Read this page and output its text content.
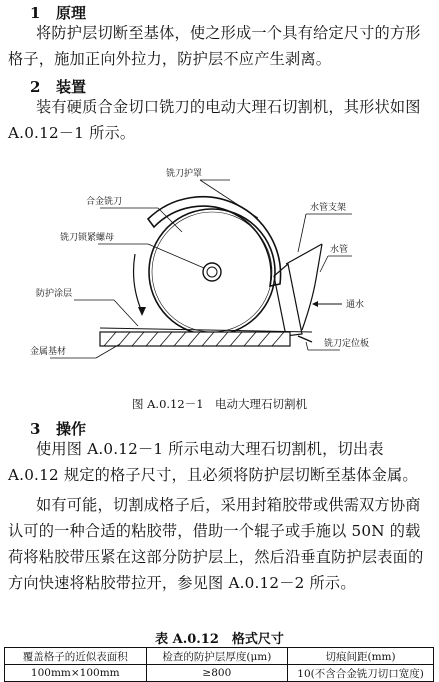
1 原理
将防护层切断至基体，使之形成一个具有给定尺寸的方形格子，施加正向外拉力，防护层不应产生剥离。
2 装置
装有硬质合金切口铣刀的电动大理石切割机，其形状如图 A.0.12－1 所示。
铣刀护罩
合金铣刀
铣刀锁紧螺母
水管支架
水管
通水
防护涂层
铣刀定位板
金属基材
图 A.0.12－1　电动大理石切割机
3 操作
使用图 A.0.12－1 所示电动大理石切割机，切出表 A.0.12 规定的格子尺寸，且必须将防护层切断至基体金属。
如有可能，切割成格子后，采用封箱胶带或供需双方协商认可的一种合适的粘胶带，借助一个辊子或手施以 50N 的载荷将粘胶带压紧在这部分防护层上，然后沿垂直防护层表面的方向快速将粘胶带拉开，参见图 A.0.12－2 所示。
表 A.0.12　格式尺寸
覆盖格子的近似表面积	检查的防护层厚度(μm)	切痕间距(mm)
100mm×100mm	≥800	10(不含合金铣刀切口宽度)
